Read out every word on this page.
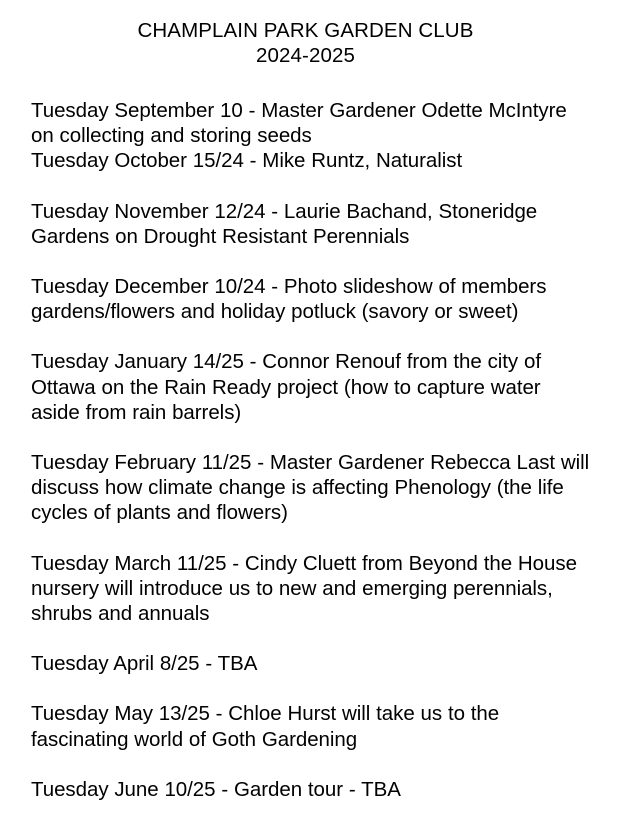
CHAMPLAIN PARK GARDEN CLUB
2024-2025

Tuesday September 10 - Master Gardener Odette McIntyre on collecting and storing seeds

Tuesday October 15/24 - Mike Runtz, Naturalist

Tuesday November 12/24 - Laurie Bachand, Stoneridge Gardens on Drought Resistant Perennials

Tuesday December 10/24 - Photo slideshow of members gardens/flowers and holiday potluck (savory or sweet)

Tuesday January 14/25 - Connor Renouf from the city of Ottawa on the Rain Ready project (how to capture water aside from rain barrels)

Tuesday February 11/25 - Master Gardener Rebecca Last will discuss how climate change is affecting Phenology (the life cycles of plants and flowers)

Tuesday March 11/25 - Cindy Cluett from Beyond the House nursery will introduce us to new and emerging perennials, shrubs and annuals

Tuesday April 8/25 - TBA

Tuesday May 13/25 - Chloe Hurst will take us to the fascinating world of Goth Gardening

Tuesday June 10/25 - Garden tour - TBA
